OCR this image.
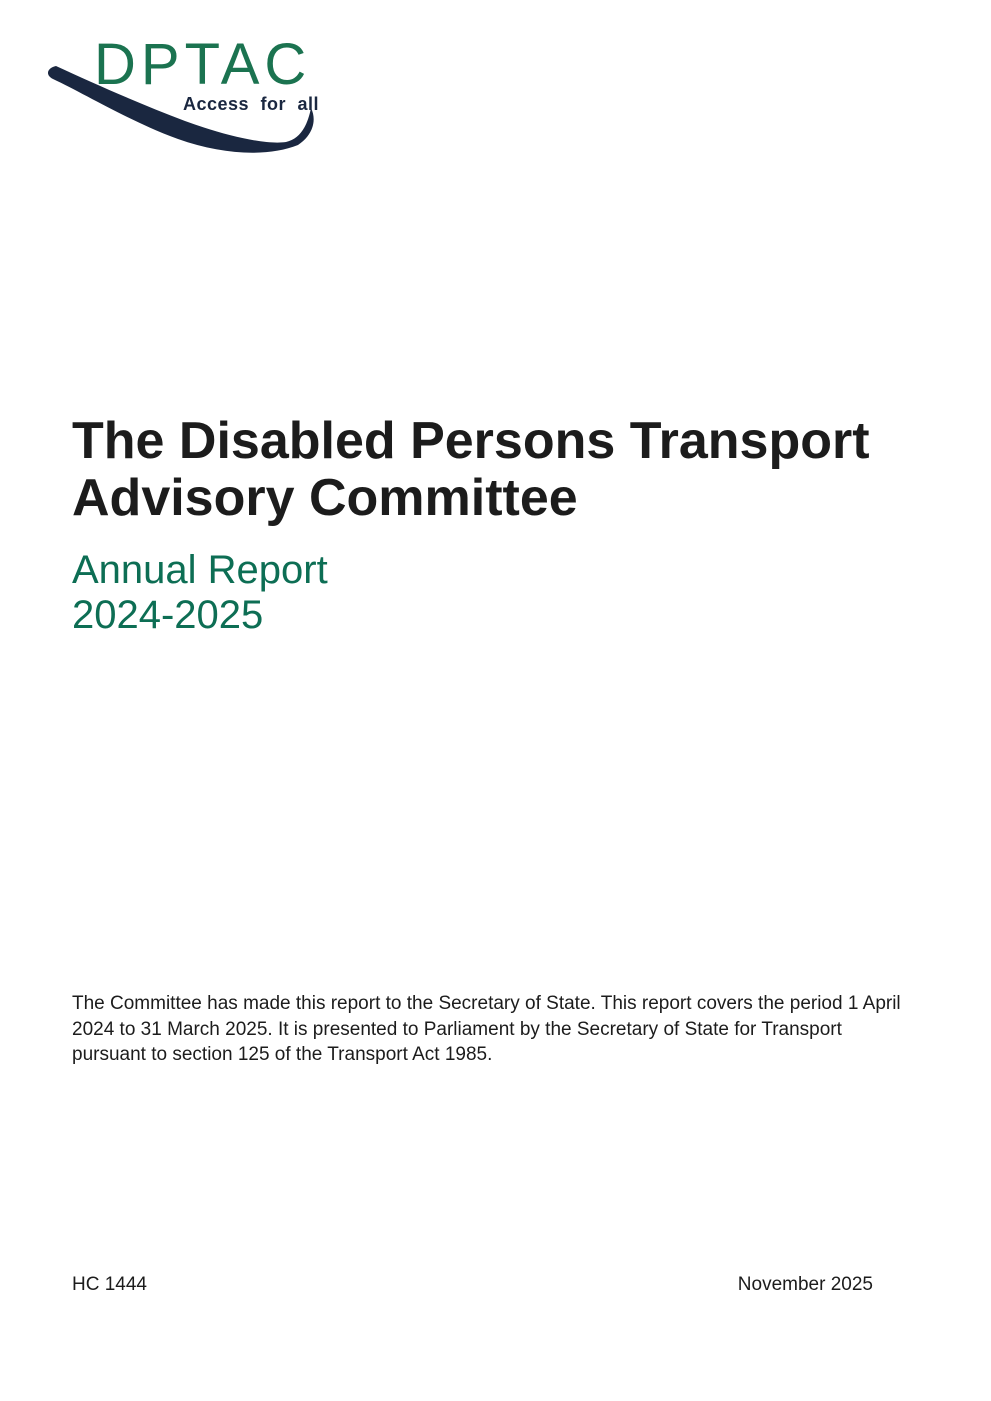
DPTAC
Access for all
The Disabled Persons Transport Advisory Committee
Annual Report
2024-2025

The Committee has made this report to the Secretary of State. This report covers the period 1 April 2024 to 31 March 2025. It is presented to Parliament by the Secretary of State for Transport pursuant to section 125 of the Transport Act 1985.

HC 1444	November 2025
